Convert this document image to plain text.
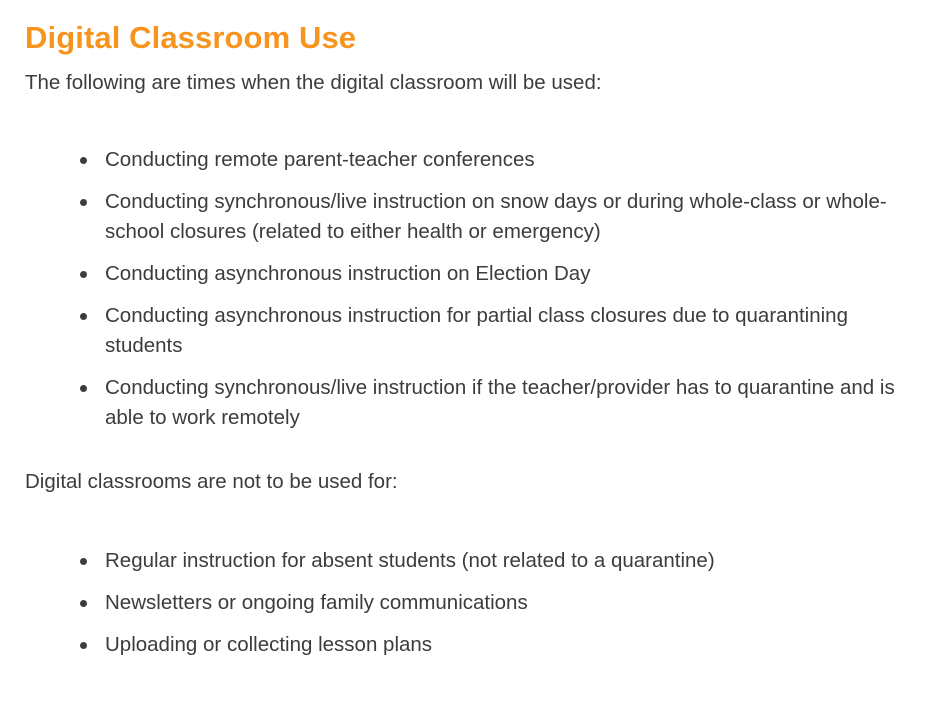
Digital Classroom Use

The following are times when the digital classroom will be used:

Conducting remote parent-teacher conferences
Conducting synchronous/live instruction on snow days or during whole-class or whole-school closures (related to either health or emergency)
Conducting asynchronous instruction on Election Day
Conducting asynchronous instruction for partial class closures due to quarantining students
Conducting synchronous/live instruction if the teacher/provider has to quarantine and is able to work remotely

Digital classrooms are not to be used for:

Regular instruction for absent students (not related to a quarantine)
Newsletters or ongoing family communications
Uploading or collecting lesson plans
